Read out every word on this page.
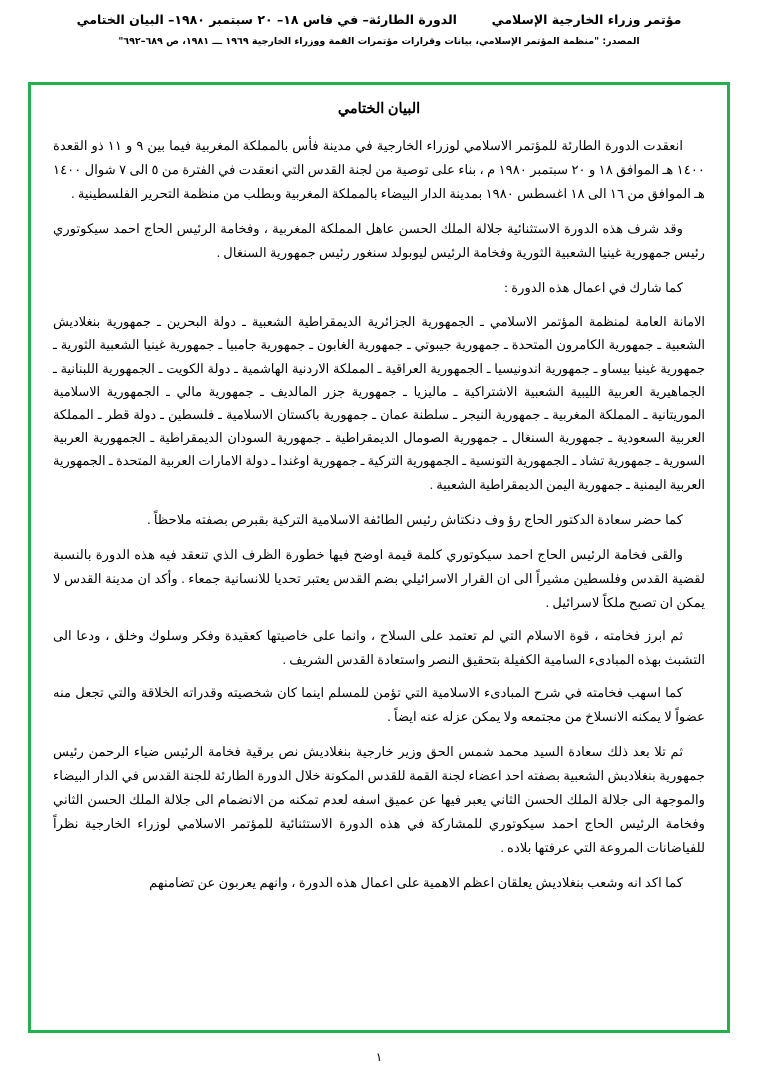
مؤتمر وزراء الخارجية الإسلامي  الدورة الطارئة– في فاس ١٨– ٢٠ سبتمبر ١٩٨٠– البيان الختامي
المصدر: "منظمة المؤتمر الإسلامي، بيانات وقرارات مؤتمرات القمة ووزراء الخارجية ١٩٦٩ ـــ ١٩٨١، ص ٦٨٩–٦٩٢"
البيان الختامي

انعقدت الدورة الطارئة للمؤتمر الاسلامي لوزراء الخارجية في مدينة فأس بالمملكة المغربية فيما بين ٩ و ١١ ذو القعدة ١٤٠٠ هـ الموافق ١٨ و ٢٠ سبتمبر ١٩٨٠ م ، بناء على توصية من لجنة القدس التي انعقدت في الفترة من ٥ الى ٧ شوال ١٤٠٠ هـ الموافق من ١٦ الى ١٨ اغسطس ١٩٨٠ بمدينة الدار البيضاء بالمملكة المغربية وبطلب من منظمة التحرير الفلسطينية .

وقد شرف هذه الدورة الاستثنائية جلالة الملك الحسن عاهل المملكة المغربية ، وفخامة الرئيس الحاج احمد سيكوتوري رئيس جمهورية غينيا الشعبية الثورية وفخامة الرئيس ليوبولد سنغور رئيس جمهورية السنغال .

كما شارك في اعمال هذه الدورة :

الامانة العامة لمنظمة المؤتمر الاسلامي ـ الجمهورية الجزائرية الديمقراطية الشعبية ـ دولة البحرين ـ جمهورية بنغلاديش الشعبية ـ جمهورية الكامرون المتحدة ـ جمهورية جيبوتي ـ جمهورية الغابون ـ جمهورية جامبيا ـ جمهورية غينيا الشعبية الثورية ـ جمهورية غينيا بيساو ـ جمهورية اندونيسيا ـ الجمهورية العراقية ـ المملكة الاردنية الهاشمية ـ دولة الكويت ـ الجمهورية اللبنانية ـ الجماهيرية العربية الليبية الشعبية الاشتراكية ـ ماليزيا ـ جمهورية جزر المالديف ـ جمهورية مالي ـ الجمهورية الاسلامية الموريتانية ـ المملكة المغربية ـ جمهورية النيجر ـ سلطنة عمان ـ جمهورية باكستان الاسلامية ـ فلسطين ـ دولة قطر ـ المملكة العربية السعودية ـ جمهورية السنغال ـ جمهورية الصومال الديمقراطية ـ جمهورية السودان الديمقراطية ـ الجمهورية العربية السورية ـ جمهورية تشاد ـ الجمهورية التونسية ـ الجمهورية التركية ـ جمهورية اوغندا ـ دولة الامارات العربية المتحدة ـ الجمهورية العربية اليمنية ـ جمهورية اليمن الديمقراطية الشعبية .

كما حضر سعادة الدكتور الحاج رؤ وف دنكتاش رئيس الطائفة الاسلامية التركية بقبرص بصفته ملاحظاً .

والقى فخامة الرئيس الحاج احمد سيكوتوري كلمة قيمة اوضح فيها خطورة الظرف الذي تنعقد فيه هذه الدورة بالنسبة لقضية القدس وفلسطين مشيراً الى ان القرار الاسرائيلي بضم القدس يعتبر تحديا للانسانية جمعاء . وأكد ان مدينة القدس لا يمكن ان تصبح ملكاً لاسرائيل .

ثم ابرز فخامته ، قوة الاسلام التي لم تعتمد على السلاح ، وانما على خاصيتها كعقيدة وفكر وسلوك وخلق ، ودعا الى التشبث بهذه المبادىء السامية الكفيلة بتحقيق النصر واستعادة القدس الشريف .

كما اسهب فخامته في شرح المبادىء الاسلامية التي تؤمن للمسلم اينما كان شخصيته وقدراته الخلاقة والتي تجعل منه عضواً لا يمكنه الانسلاخ من مجتمعه ولا يمكن عزله عنه ايضاً .

ثم تلا بعد ذلك سعادة السيد محمد شمس الحق وزير خارجية بنغلاديش نص برقية فخامة الرئيس ضياء الرحمن رئيس جمهورية بنغلاديش الشعبية بصفته احد اعضاء لجنة القمة للقدس المكونة خلال الدورة الطارئة للجنة القدس في الدار البيضاء والموجهة الى جلالة الملك الحسن الثاني يعبر فيها عن عميق اسفه لعدم تمكنه من الانضمام الى جلالة الملك الحسن الثاني وفخامة الرئيس الحاج احمد سيكوتوري للمشاركة في هذه الدورة الاستثنائية للمؤتمر الاسلامي لوزراء الخارجية نظراً للفياضانات المروعة التي عرفتها بلاده .

كما اكد انه وشعب بنغلاديش يعلقان اعظم الاهمية على اعمال هذه الدورة ، وانهم يعربون عن تضامنهم

١
